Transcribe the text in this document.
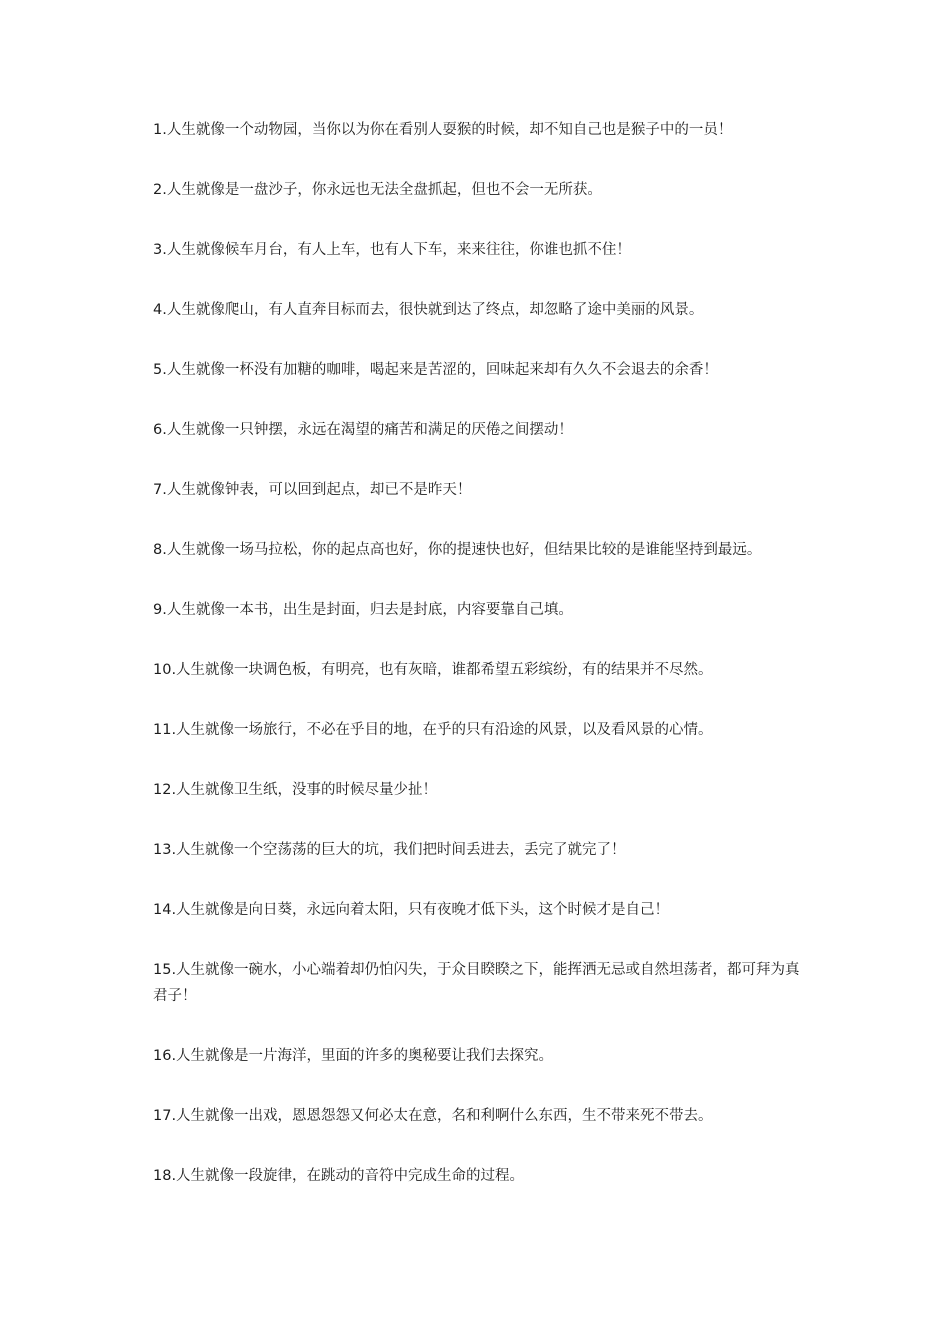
1.人生就像一个动物园，当你以为你在看别人耍猴的时候，却不知自己也是猴子中的一员！

2.人生就像是一盘沙子，你永远也无法全盘抓起，但也不会一无所获。

3.人生就像候车月台，有人上车，也有人下车，来来往往，你谁也抓不住！

4.人生就像爬山，有人直奔目标而去，很快就到达了终点，却忽略了途中美丽的风景。

5.人生就像一杯没有加糖的咖啡，喝起来是苦涩的，回味起来却有久久不会退去的余香！

6.人生就像一只钟摆，永远在渴望的痛苦和满足的厌倦之间摆动！

7.人生就像钟表，可以回到起点，却已不是昨天！

8.人生就像一场马拉松，你的起点高也好，你的提速快也好，但结果比较的是谁能坚持到最远。

9.人生就像一本书，出生是封面，归去是封底，内容要靠自己填。

10.人生就像一块调色板，有明亮，也有灰暗，谁都希望五彩缤纷，有的结果并不尽然。

11.人生就像一场旅行，不必在乎目的地，在乎的只有沿途的风景，以及看风景的心情。

12.人生就像卫生纸，没事的时候尽量少扯！

13.人生就像一个空荡荡的巨大的坑，我们把时间丢进去，丢完了就完了！

14.人生就像是向日葵，永远向着太阳，只有夜晚才低下头，这个时候才是自己！

15.人生就像一碗水，小心端着却仍怕闪失，于众目睽睽之下，能挥洒无忌或自然坦荡者，都可拜为真君子！

16.人生就像是一片海洋，里面的许多的奥秘要让我们去探究。

17.人生就像一出戏，恩恩怨怨又何必太在意，名和利啊什么东西，生不带来死不带去。

18.人生就像一段旋律，在跳动的音符中完成生命的过程。
